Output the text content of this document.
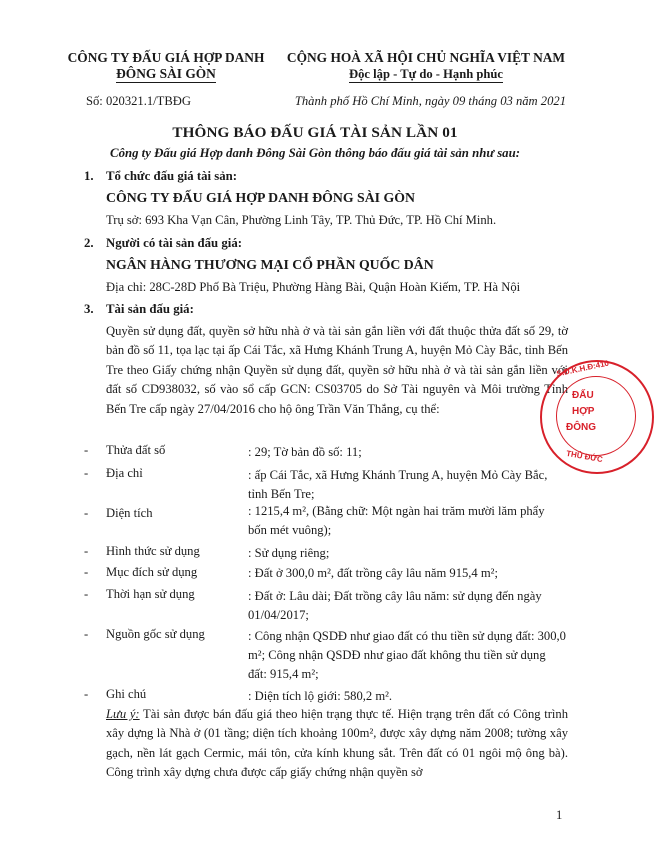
CÔNG TY ĐẤU GIÁ HỢP DANH
ĐÔNG SÀI GÒN
CỘNG HOÀ XÃ HỘI CHỦ NGHĨA VIỆT NAM
Độc lập - Tự do - Hạnh phúc
Số: 020321.1/TBĐG	Thành phố Hồ Chí Minh, ngày 09 tháng 03 năm 2021
THÔNG BÁO ĐẤU GIÁ TÀI SẢN LẦN 01
Công ty Đấu giá Hợp danh Đông Sài Gòn thông báo đấu giá tài sản như sau:
1. Tổ chức đấu giá tài sản:
CÔNG TY ĐẤU GIÁ HỢP DANH ĐÔNG SÀI GÒN
Trụ sở: 693 Kha Vạn Cân, Phường Linh Tây, TP. Thủ Đức, TP. Hồ Chí Minh.
2. Người có tài sản đấu giá:
NGÂN HÀNG THƯƠNG MẠI CỔ PHẦN QUỐC DÂN
Địa chỉ: 28C-28D Phố Bà Triệu, Phường Hàng Bài, Quận Hoàn Kiếm, TP. Hà Nội
3. Tài sản đấu giá:
Quyền sử dụng đất, quyền sở hữu nhà ở và tài sản gắn liền với đất thuộc thửa đất số 29, tờ bản đồ số 11, tọa lạc tại ấp Cái Tắc, xã Hưng Khánh Trung A, huyện Mỏ Cày Bắc, tỉnh Bến Tre theo Giấy chứng nhận Quyền sử dụng đất, quyền sở hữu nhà ở và tài sản gắn liền với đất số CD938032, số vào sổ cấp GCN: CS03705 do Sở Tài nguyên và Môi trường Tỉnh Bến Tre cấp ngày 27/04/2016 cho hộ ông Trần Văn Thắng, cụ thể:
- Thửa đất số	: 29; Tờ bản đồ số: 11;
- Địa chỉ	: ấp Cái Tắc, xã Hưng Khánh Trung A, huyện Mỏ Cày Bắc, tỉnh Bến Tre;
- Diện tích	: 1215,4 m², (Bằng chữ: Một ngàn hai trăm mười lăm phẩy bốn mét vuông);
- Hình thức sử dụng	: Sử dụng riêng;
- Mục đích sử dụng	: Đất ở 300,0 m², đất trồng cây lâu năm 915,4 m²;
- Thời hạn sử dụng	: Đất ở: Lâu dài; Đất trồng cây lâu năm: sử dụng đến ngày 01/04/2017;
- Nguồn gốc sử dụng	: Công nhận QSDĐ như giao đất có thu tiền sử dụng đất: 300,0 m²; Công nhận QSDĐ như giao đất không thu tiền sử dụng đất: 915,4 m²;
- Ghi chú	: Diện tích lộ giới: 580,2 m².
Lưu ý: Tài sản được bán đấu giá theo hiện trạng thực tế. Hiện trạng trên đất có Công trình xây dựng là Nhà ở (01 tầng; diện tích khoảng 100m², được xây dựng năm 2008; tường xây gạch, nền lát gạch Cermic, mái tôn, cửa kính khung sắt. Trên đất có 01 ngôi mộ ông bà). Công trình xây dựng chưa được cấp giấy chứng nhận quyền sở
1
S.Đ.K.H.Đ:410
ĐẤU
HỢP
ĐÔNG
THỦ ĐỨC
